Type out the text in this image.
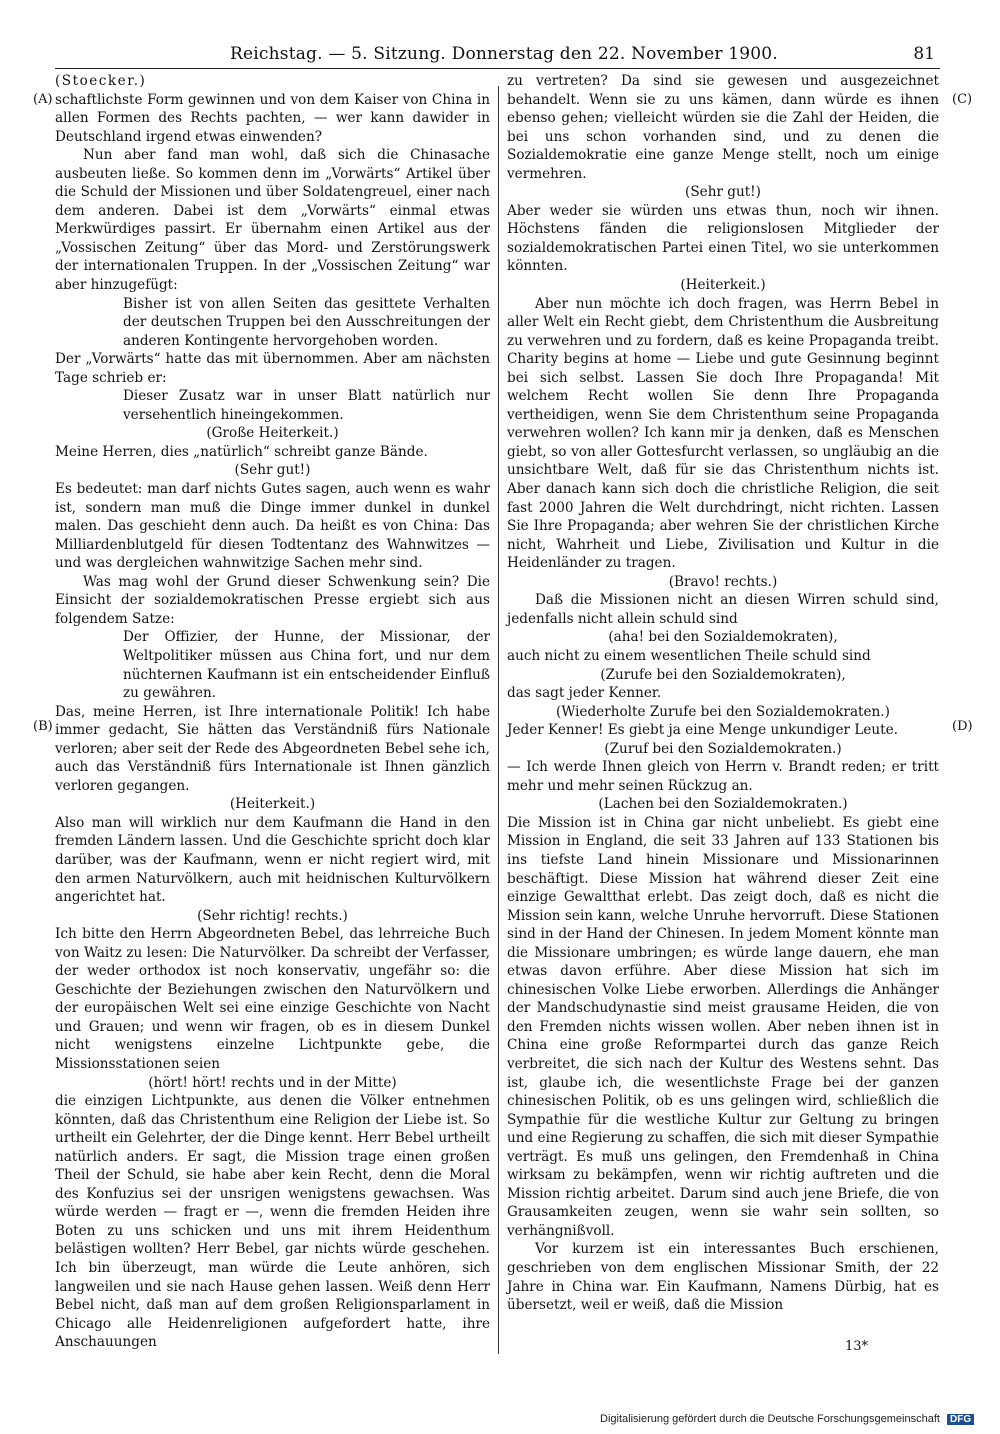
Reichstag. — 5. Sitzung. Donnerstag den 22. November 1900.	81
(A)
(B)
(C)
(D)

(Stoecker.)

schaftlichste Form gewinnen und von dem Kaiser von China in allen Formen des Rechts pachten, — wer kann dawider in Deutschland irgend etwas einwenden?

Nun aber fand man wohl, daß sich die Chinasache ausbeuten ließe. So kommen denn im „Vorwärts“ Artikel über die Schuld der Missionen und über Soldatengreuel, einer nach dem anderen. Dabei ist dem „Vorwärts“ einmal etwas Merkwürdiges passirt. Er übernahm einen Artikel aus der „Vossischen Zeitung“ über das Mord- und Zerstörungswerk der internationalen Truppen. In der „Vossischen Zeitung“ war aber hinzugefügt:

Bisher ist von allen Seiten das gesittete Verhalten der deutschen Truppen bei den Ausschreitungen der anderen Kontingente hervorgehoben worden.

Der „Vorwärts“ hatte das mit übernommen. Aber am nächsten Tage schrieb er:

Dieser Zusatz war in unser Blatt natürlich nur versehentlich hineingekommen.

(Große Heiterkeit.)

Meine Herren, dies „natürlich“ schreibt ganze Bände.

(Sehr gut!)

Es bedeutet: man darf nichts Gutes sagen, auch wenn es wahr ist, sondern man muß die Dinge immer dunkel in dunkel malen. Das geschieht denn auch. Da heißt es von China: Das Milliardenblutgeld für diesen Todtentanz des Wahnwitzes — und was dergleichen wahnwitzige Sachen mehr sind.

Was mag wohl der Grund dieser Schwenkung sein? Die Einsicht der sozialdemokratischen Presse ergiebt sich aus folgendem Satze:

Der Offizier, der Hunne, der Missionar, der Weltpolitiker müssen aus China fort, und nur dem nüchternen Kaufmann ist ein entscheidender Einfluß zu gewähren.

Das, meine Herren, ist Ihre internationale Politik! Ich habe immer gedacht, Sie hätten das Verständniß fürs Nationale verloren; aber seit der Rede des Abgeordneten Bebel sehe ich, auch das Verständniß fürs Internationale ist Ihnen gänzlich verloren gegangen.

(Heiterkeit.)

Also man will wirklich nur dem Kaufmann die Hand in den fremden Ländern lassen. Und die Geschichte spricht doch klar darüber, was der Kaufmann, wenn er nicht regiert wird, mit den armen Naturvölkern, auch mit heidnischen Kulturvölkern angerichtet hat.

(Sehr richtig! rechts.)

Ich bitte den Herrn Abgeordneten Bebel, das lehrreiche Buch von Waitz zu lesen: Die Naturvölker. Da schreibt der Verfasser, der weder orthodox ist noch konservativ, ungefähr so: die Geschichte der Beziehungen zwischen den Naturvölkern und der europäischen Welt sei eine einzige Geschichte von Nacht und Grauen; und wenn wir fragen, ob es in diesem Dunkel nicht wenigstens einzelne Lichtpunkte gebe, die Missionsstationen seien

(hört! hört! rechts und in der Mitte)

die einzigen Lichtpunkte, aus denen die Völker entnehmen könnten, daß das Christenthum eine Religion der Liebe ist. So urtheilt ein Gelehrter, der die Dinge kennt. Herr Bebel urtheilt natürlich anders. Er sagt, die Mission trage einen großen Theil der Schuld, sie habe aber kein Recht, denn die Moral des Konfuzius sei der unsrigen wenigstens gewachsen. Was würde werden — fragt er —, wenn die fremden Heiden ihre Boten zu uns schicken und uns mit ihrem Heidenthum belästigen wollten? Herr Bebel, gar nichts würde geschehen. Ich bin überzeugt, man würde die Leute anhören, sich langweilen und sie nach Hause gehen lassen. Weiß denn Herr Bebel nicht, daß man auf dem großen Religionsparlament in Chicago alle Heidenreligionen aufgefordert hatte, ihre Anschauungen

zu vertreten? Da sind sie gewesen und ausgezeichnet behandelt. Wenn sie zu uns kämen, dann würde es ihnen ebenso gehen; vielleicht würden sie die Zahl der Heiden, die bei uns schon vorhanden sind, und zu denen die Sozialdemokratie eine ganze Menge stellt, noch um einige vermehren.

(Sehr gut!)

Aber weder sie würden uns etwas thun, noch wir ihnen. Höchstens fänden die religionslosen Mitglieder der sozialdemokratischen Partei einen Titel, wo sie unterkommen könnten.

(Heiterkeit.)

Aber nun möchte ich doch fragen, was Herrn Bebel in aller Welt ein Recht giebt, dem Christenthum die Ausbreitung zu verwehren und zu fordern, daß es keine Propaganda treibt. Charity begins at home — Liebe und gute Gesinnung beginnt bei sich selbst. Lassen Sie doch Ihre Propaganda! Mit welchem Recht wollen Sie denn Ihre Propaganda vertheidigen, wenn Sie dem Christenthum seine Propaganda verwehren wollen? Ich kann mir ja denken, daß es Menschen giebt, so von aller Gottesfurcht verlassen, so ungläubig an die unsichtbare Welt, daß für sie das Christenthum nichts ist. Aber danach kann sich doch die christliche Religion, die seit fast 2000 Jahren die Welt durchdringt, nicht richten. Lassen Sie Ihre Propaganda; aber wehren Sie der christlichen Kirche nicht, Wahrheit und Liebe, Zivilisation und Kultur in die Heidenländer zu tragen.

(Bravo! rechts.)

Daß die Missionen nicht an diesen Wirren schuld sind, jedenfalls nicht allein schuld sind

(aha! bei den Sozialdemokraten),

auch nicht zu einem wesentlichen Theile schuld sind

(Zurufe bei den Sozialdemokraten),

das sagt jeder Kenner.

(Wiederholte Zurufe bei den Sozialdemokraten.)

Jeder Kenner! Es giebt ja eine Menge unkundiger Leute.

(Zuruf bei den Sozialdemokraten.)

— Ich werde Ihnen gleich von Herrn v. Brandt reden; er tritt mehr und mehr seinen Rückzug an.

(Lachen bei den Sozialdemokraten.)

Die Mission ist in China gar nicht unbeliebt. Es giebt eine Mission in England, die seit 33 Jahren auf 133 Stationen bis ins tiefste Land hinein Missionare und Missionarinnen beschäftigt. Diese Mission hat während dieser Zeit eine einzige Gewaltthat erlebt. Das zeigt doch, daß es nicht die Mission sein kann, welche Unruhe hervorruft. Diese Stationen sind in der Hand der Chinesen. In jedem Moment könnte man die Missionare umbringen; es würde lange dauern, ehe man etwas davon erführe. Aber diese Mission hat sich im chinesischen Volke Liebe erworben. Allerdings die Anhänger der Mandschudynastie sind meist grausame Heiden, die von den Fremden nichts wissen wollen. Aber neben ihnen ist in China eine große Reformpartei durch das ganze Reich verbreitet, die sich nach der Kultur des Westens sehnt. Das ist, glaube ich, die wesentlichste Frage bei der ganzen chinesischen Politik, ob es uns gelingen wird, schließlich die Sympathie für die westliche Kultur zur Geltung zu bringen und eine Regierung zu schaffen, die sich mit dieser Sympathie verträgt. Es muß uns gelingen, den Fremdenhaß in China wirksam zu bekämpfen, wenn wir richtig auftreten und die Mission richtig arbeitet. Darum sind auch jene Briefe, die von Grausamkeiten zeugen, wenn sie wahr sein sollten, so verhängnißvoll.

Vor kurzem ist ein interessantes Buch erschienen, geschrieben von dem englischen Missionar Smith, der 22 Jahre in China war. Ein Kaufmann, Namens Dürbig, hat es übersetzt, weil er weiß, daß die Mission

13*
Digitalisierung gefördert durch die Deutsche Forschungsgemeinschaft DFG
